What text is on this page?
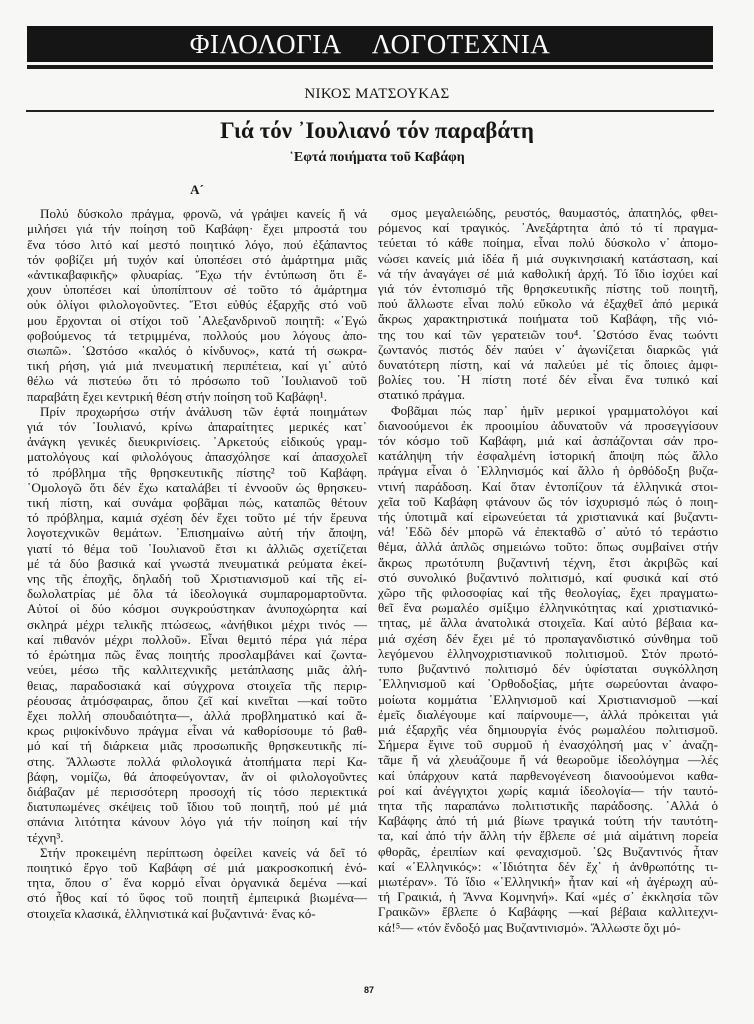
ΦΙΛΟΛΟΓΙΑ ΛΟΓΟΤΕΧΝΙΑ
ΝΙΚΟΣ ΜΑΤΣΟΥΚΑΣ
Γιά τόν ᾿Ιουλιανό τόν παραβάτη
῾Εφτά ποιήματα τοῦ Καβάφη
Α´
Πολύ δύσκολο πράγμα, φρονῶ, νά γράψει κανείς ἤ νά
μιλήσει γιά τήν ποίηση τοῦ Καβάφη· ἔχει μπροστά του
ἕνα τόσο λιτό καί μεστό ποιητικό λόγο, πού ἐξάπαντος
τόν φοβίζει μή τυχόν καί ὑποπέσει στό ἁμάρτημα μιᾶς
«ἀντικαβαφικῆς» φλυαρίας. Ἔχω τήν ἐντύπωση ὅτι ἔ-
χουν ὑποπέσει καί ὑποπίπτουν σέ τοῦτο τό ἁμάρτημα
οὐκ ὀλίγοι φιλολογοῦντες. Ἔτσι εὐθύς ἐξαρχῆς στό νοῦ
μου ἔρχονται οἱ στίχοι τοῦ ᾿Αλεξανδρινοῦ ποιητῆ: «᾿Εγώ
φοβούμενος τά τετριμμένα, πολλούς μου λόγους ἀπο-
σιωπῶ». ῾Ωστόσο «καλός ὁ κίνδυνος», κατά τή σωκρα-
τική ρήση, γιά μιά πνευματική περιπέτεια, καί γι᾿ αὐτό
θέλω νά πιστεύω ὅτι τό πρόσωπο τοῦ ᾿Ιουλιανοῦ τοῦ
παραβάτη ἔχει κεντρική θέση στήν ποίηση τοῦ Καβάφη¹.
Πρίν προχωρήσω στήν ἀνάλυση τῶν ἑφτά ποιημάτων
γιά τόν ᾿Ιουλιανό, κρίνω ἀπαραίτητες μερικές κατ᾿
ἀνάγκη γενικές διευκρινίσεις. ᾿Αρκετούς εἰδικούς γραμ-
ματολόγους καί φιλολόγους ἀπασχόλησε καί ἀπασχολεῖ
τό πρόβλημα τῆς θρησκευτικῆς πίστης² τοῦ Καβάφη.
῾Ομολογῶ ὅτι δέν ἔχω καταλάβει τί ἐννοοῦν ὡς θρησκευ-
τική πίστη, καί συνάμα φοβᾶμαι πώς, καταπῶς θέτουν
τό πρόβλημα, καμιά σχέση δέν ἔχει τοῦτο μέ τήν ἔρευνα
λογοτεχνικῶν θεμάτων. ᾿Επισημαίνω αὐτή τήν ἄποψη,
γιατί τό θέμα τοῦ ᾿Ιουλιανοῦ ἔτσι κι ἀλλιῶς σχετίζεται
μέ τά δύο βασικά καί γνωστά πνευματικά ρεύματα ἐκεί-
νης τῆς ἐποχῆς, δηλαδή τοῦ Χριστιανισμοῦ καί τῆς εἰ-
δωλολατρίας μέ ὅλα τά ἰδεολογικά συμπαρομαρτοῦντα.
Αὐτοί οἱ δύο κόσμοι συγκρούστηκαν ἀνυποχώρητα καί
σκληρά μέχρι τελικῆς πτώσεως, «ἀνήθικοι μέχρι τινός —
καί πιθανόν μέχρι πολλοῦ». Εἶναι θεμιτό πέρα γιά πέρα
τό ἐρώτημα πῶς ἕνας ποιητής προσλαμβάνει καί ζωντα-
νεύει, μέσω τῆς καλλιτεχνικῆς μετάπλασης μιᾶς ἀλή-
θειας, παραδοσιακά καί σύγχρονα στοιχεῖα τῆς περιρ-
ρέουσας ἀτμόσφαιρας, ὅπου ζεῖ καί κινεῖται —καί τοῦτο
ἔχει πολλή σπουδαιότητα—, ἀλλά προβληματικό καί ἄ-
κρως ριψοκίνδυνο πράγμα εἶναι νά καθορίσουμε τό βαθ-
μό καί τή διάρκεια μιᾶς προσωπικῆς θρησκευτικῆς πί-
στης. Ἄλλωστε πολλά φιλολογικά ἀτοπήματα περί Κα-
βάφη, νομίζω, θά ἀποφεύγονταν, ἄν οἱ φιλολογοῦντες
διάβαζαν μέ περισσότερη προσοχή τίς τόσο περιεκτικά
διατυπωμένες σκέψεις τοῦ ἴδιου τοῦ ποιητῆ, πού μέ μιά
σπάνια λιτότητα κάνουν λόγο γιά τήν ποίηση καί τήν
τέχνη³.
Στήν προκειμένη περίπτωση ὀφείλει κανείς νά δεῖ τό
ποιητικό ἔργο τοῦ Καβάφη σέ μιά μακροσκοπική ἑνό-
τητα, ὅπου σ᾿ ἕνα κορμό εἶναι ὀργανικά δεμένα —καί
στό ἦθος καί τό ὕφος τοῦ ποιητῆ ἐμπειρικά βιωμένα—
στοιχεῖα κλασικά, ἑλληνιστικά καί βυζαντινά· ἕνας κό-
σμος μεγαλειώδης, ρευστός, θαυμαστός, ἀπατηλός, φθει-
ρόμενος καί τραγικός. ᾿Ανεξάρτητα ἀπό τό τί πραγμα-
τεύεται τό κάθε ποίημα, εἶναι πολύ δύσκολο ν᾿ ἀπομο-
νώσει κανείς μιά ἰδέα ἤ μιά συγκινησιακή κατάσταση, καί
νά τήν ἀναγάγει σέ μιά καθολική ἀρχή. Τό ἴδιο ἰσχύει καί
γιά τόν ἐντοπισμό τῆς θρησκευτικῆς πίστης τοῦ ποιητῆ,
πού ἄλλωστε εἶναι πολύ εὔκολο νά ἐξαχθεῖ ἀπό μερικά
ἄκρως χαρακτηριστικά ποιήματα τοῦ Καβάφη, τῆς νιό-
της του καί τῶν γερατειῶν του⁴. ῾Ωστόσο ἕνας τωόντι
ζωντανός πιστός δέν παύει ν᾿ ἀγωνίζεται διαρκῶς γιά
δυνατότερη πίστη, καί νά παλεύει μέ τίς ὅποιες ἀμφι-
βολίες του. ῾Η πίστη ποτέ δέν εἶναι ἕνα τυπικό καί
στατικό πράγμα.
Φοβᾶμαι πώς παρ᾿ ἡμῖν μερικοί γραμματολόγοι καί
διανοούμενοι ἐκ προοιμίου ἀδυνατοῦν νά προσεγγίσουν
τόν κόσμο τοῦ Καβάφη, μιά καί ἀσπάζονται σάν προ-
κατάληψη τήν ἐσφαλμένη ἱστορική ἄποψη πώς ἄλλο
πράγμα εἶναι ὁ ῾Ελληνισμός καί ἄλλο ἡ ὀρθόδοξη βυζα-
ντινή παράδοση. Καί ὅταν ἐντοπίζουν τά ἑλληνικά στοι-
χεῖα τοῦ Καβάφη φτάνουν ὥς τόν ἰσχυρισμό πώς ὁ ποιη-
τής ὑποτιμᾶ καί εἰρωνεύεται τά χριστιανικά καί βυζαντι-
νά! ᾿Εδῶ δέν μπορῶ νά ἐπεκταθῶ σ᾿ αὐτό τό τεράστιο
θέμα, ἀλλά ἁπλῶς σημειώνω τοῦτο: ὅπως συμβαίνει στήν
ἄκρως πρωτότυπη βυζαντινή τέχνη, ἔτσι ἀκριβῶς καί
στό συνολικό βυζαντινό πολιτισμό, καί φυσικά καί στό
χῶρο τῆς φιλοσοφίας καί τῆς θεολογίας, ἔχει πραγματω-
θεῖ ἕνα ρωμαλέο σμίξιμο ἑλληνικότητας καί χριστιανικό-
τητας, μέ ἄλλα ἀνατολικά στοιχεῖα. Καί αὐτό βέβαια κα-
μιά σχέση δέν ἔχει μέ τό προπαγανδιστικό σύνθημα τοῦ
λεγόμενου ἑλληνοχριστιανικοῦ πολιτισμοῦ. Στόν πρωτό-
τυπο βυζαντινό πολιτισμό δέν ὑφίσταται συγκόλληση
῾Ελληνισμοῦ καί ᾿Ορθοδοξίας, μήτε σωρεύονται ἀναφο-
μοίωτα κομμάτια ῾Ελληνισμοῦ καί Χριστιανισμοῦ —καί
ἐμεῖς διαλέγουμε καί παίρνουμε—, ἀλλά πρόκειται γιά
μιά ἐξαρχῆς νέα δημιουργία ἑνός ρωμαλέου πολιτισμοῦ.
Σήμερα ἔγινε τοῦ συρμοῦ ἡ ἐνασχόλησή μας ν᾿ ἀναζη-
τᾶμε ἤ νά χλευάζουμε ἤ νά θεωροῦμε ἰδεολόγημα —λές
καί ὑπάρχουν κατά παρθενογένεση διανοούμενοι καθα-
ροί καί ἀνέγγιχτοι χωρίς καμιά ἰδεολογία— τήν ταυτό-
τητα τῆς παραπάνω πολιτιστικῆς παράδοσης. ᾿Αλλά ὁ
Καβάφης ἀπό τή μιά βίωνε τραγικά τούτη τήν ταυτότη-
τα, καί ἀπό τήν ἄλλη τήν ἔβλεπε σέ μιά αἱμάτινη πορεία
φθορᾶς, ἐρειπίων καί φεναχισμοῦ. ῾Ως Βυζαντινός ἦταν
καί «῾Ελληνικός»: «᾿Ιδιότητα δέν ἔχ᾿ ἡ ἀνθρωπότης τι-
μιωτέραν». Τό ἴδιο «῾Ελληνική» ἦταν καί «ἡ ἀγέρωχη αὐ-
τή Γραικιά, ἡ Ἄννα Κομνηνή». Καί «μές σ᾿ ἐκκλησία τῶν
Γραικῶν» ἔβλεπε ὁ Καβάφης —καί βέβαια καλλιτεχνι-
κά!⁵— «τόν ἔνδοξό μας Βυζαντινισμό». Ἄλλωστε ὄχι μό-
87
